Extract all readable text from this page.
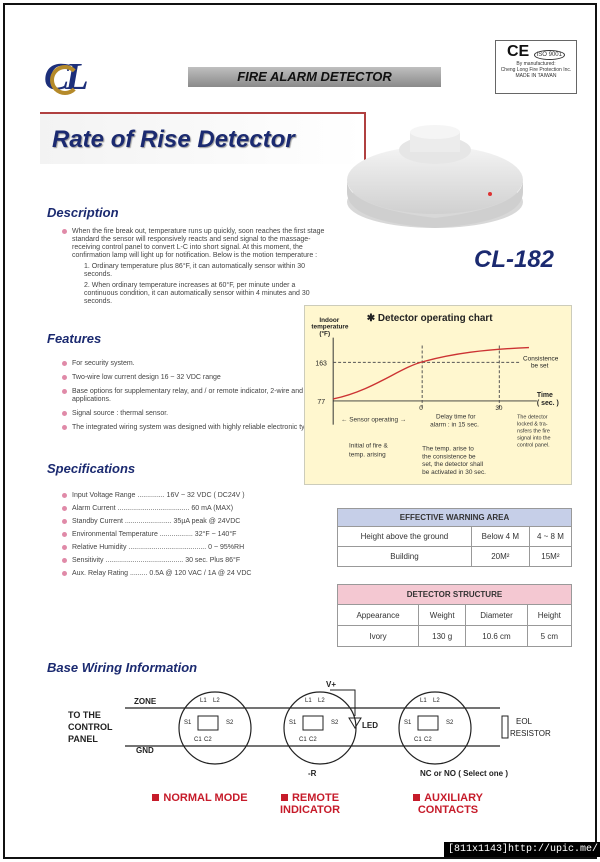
CL	FIRE ALARM DETECTOR
CE ISO 9001
By manufactured:
Cheng Long Fire Protection Inc.
MADE IN TAIWAN
Rate of Rise Detector
CL-182
Description
When the fire break out, temperature runs up quickly, soon reaches the first stage standard the sensor will responsively reacts and send signal to the massage-receiving control panel to convert L-C into short signal. At this moment, the confirmation lamp will light up for notification. Below is the motion temperature :
1. Ordinary temperature plus 86°F, it can automatically sensor within 30 seconds.
2. When ordinary temperature increases at 60°F, per minute under a continuous condition, it can automatically sensor within 4 minutes and 30 seconds.
Features
For security system.
Two-wire low current design 16 ~ 32 VDC range
Base options for supplementary relay, and / or remote indicator, 2-wire and 4-wire applications.
Signal source : thermal sensor.
The integrated wiring system was designed with highly reliable electronic type.
Specifications
Input Voltage Range .............. 16V ~ 32 VDC ( DC24V )
Alarm Current ..................................... 60 mA (MAX)
Standby Current ........................ 35µA peak @ 24VDC
Environmental Temperature ................. 32°F ~ 140°F
Relative Humidity ........................................ 0 ~ 95%RH
Sensitivity ........................................ 30 sec. Plus 86°F
Aux. Relay Rating ......... 0.5A @ 120 VAC / 1A @ 24 VDC
✱ Detector operating chart
Indoor temperature (°F)
163
77
Consistence be set
Time ( sec. )
0	30
← Sensor operating →	Delay time for alarm : in 15 sec.
The detector locked & tra-nsfers the fire signal into the control panel.
Initial of fire & temp. arising
The temp. arise to the consistence be set, the detector shall be activated in 30 sec.
EFFECTIVE WARNING AREA		
Height above the ground	Below 4 M	4 ~ 8 M
Building	20M²	15M²
DETECTOR STRUCTURE			
Appearance	Weight	Diameter	Height
Ivory	130 g	10.6 cm	5 cm
Base Wiring Information
TO THE CONTROL PANEL
ZONE
GND
L1 L2
S1	S2
C1 C2
L1 L2
S1	S2
C1 C2
L1 L2
S1	S2
C1 C2
V+
LED
-R
EOL RESISTOR
NC or NO ( Select one )
NORMAL MODE	REMOTE INDICATOR
AUXILIARY CONTACTS
[811x1143]http://upic.me/
